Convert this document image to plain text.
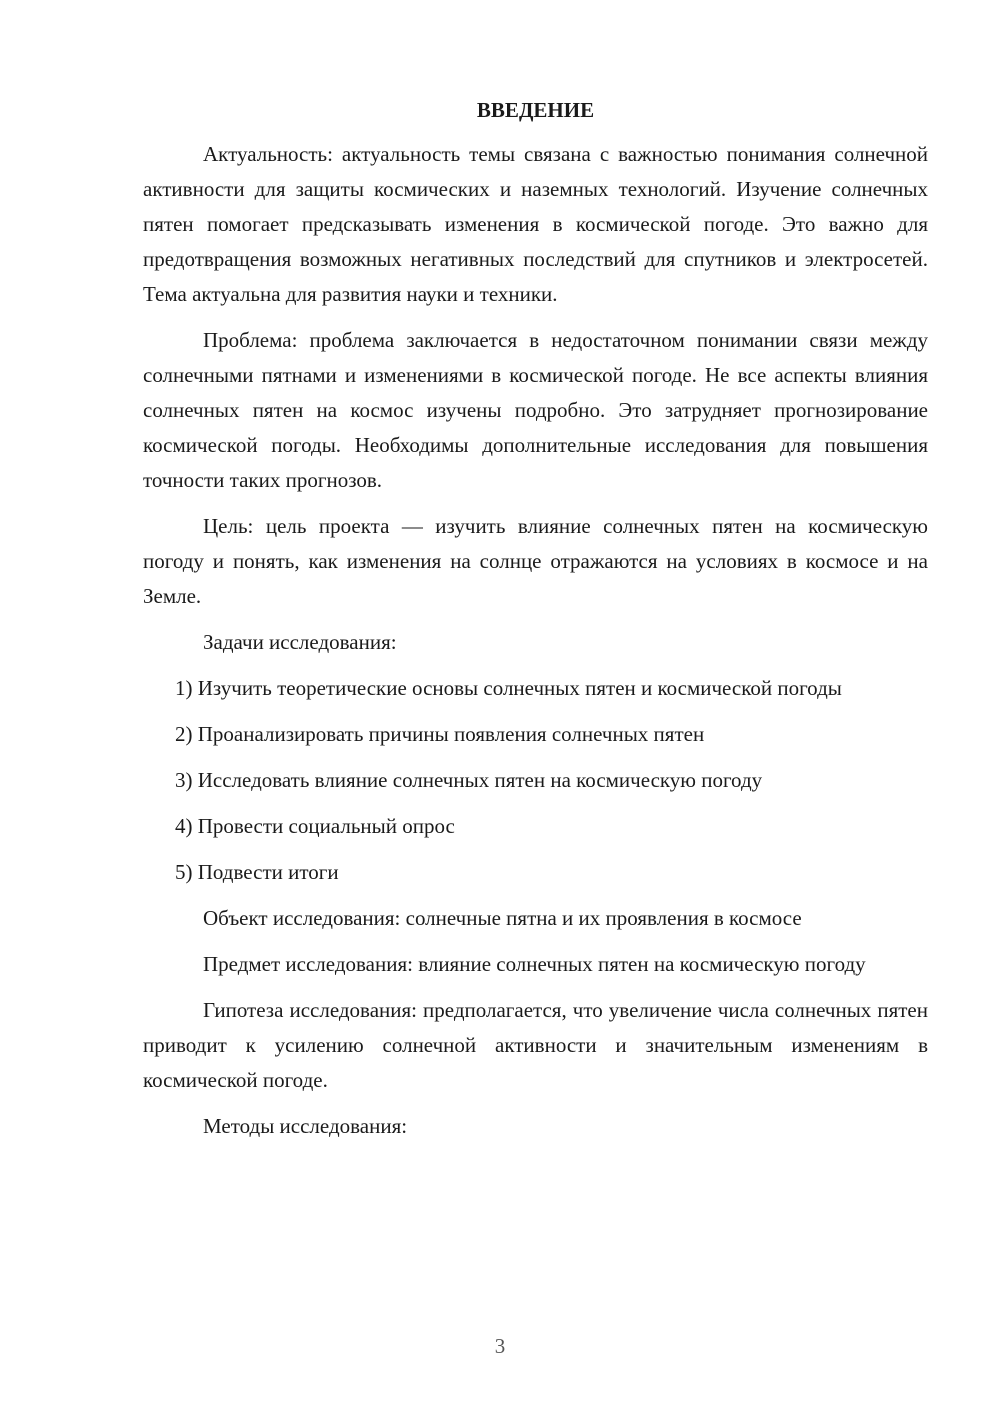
ВВЕДЕНИЕ

Актуальность: актуальность темы связана с важностью понимания солнечной активности для защиты космических и наземных технологий. Изучение солнечных пятен помогает предсказывать изменения в космической погоде. Это важно для предотвращения возможных негативных последствий для спутников и электросетей. Тема актуальна для развития науки и техники.

Проблема: проблема заключается в недостаточном понимании связи между солнечными пятнами и изменениями в космической погоде. Не все аспекты влияния солнечных пятен на космос изучены подробно. Это затрудняет прогнозирование космической погоды. Необходимы дополнительные исследования для повышения точности таких прогнозов.

Цель: цель проекта — изучить влияние солнечных пятен на космическую погоду и понять, как изменения на солнце отражаются на условиях в космосе и на Земле.

Задачи исследования:

1) Изучить теоретические основы солнечных пятен и космической погоды

2) Проанализировать причины появления солнечных пятен

3) Исследовать влияние солнечных пятен на космическую погоду

4) Провести социальный опрос

5) Подвести итоги

Объект исследования: солнечные пятна и их проявления в космосе

Предмет исследования: влияние солнечных пятен на космическую погоду

Гипотеза исследования: предполагается, что увеличение числа солнечных пятен приводит к усилению солнечной активности и значительным изменениям в космической погоде.

Методы исследования:

3
